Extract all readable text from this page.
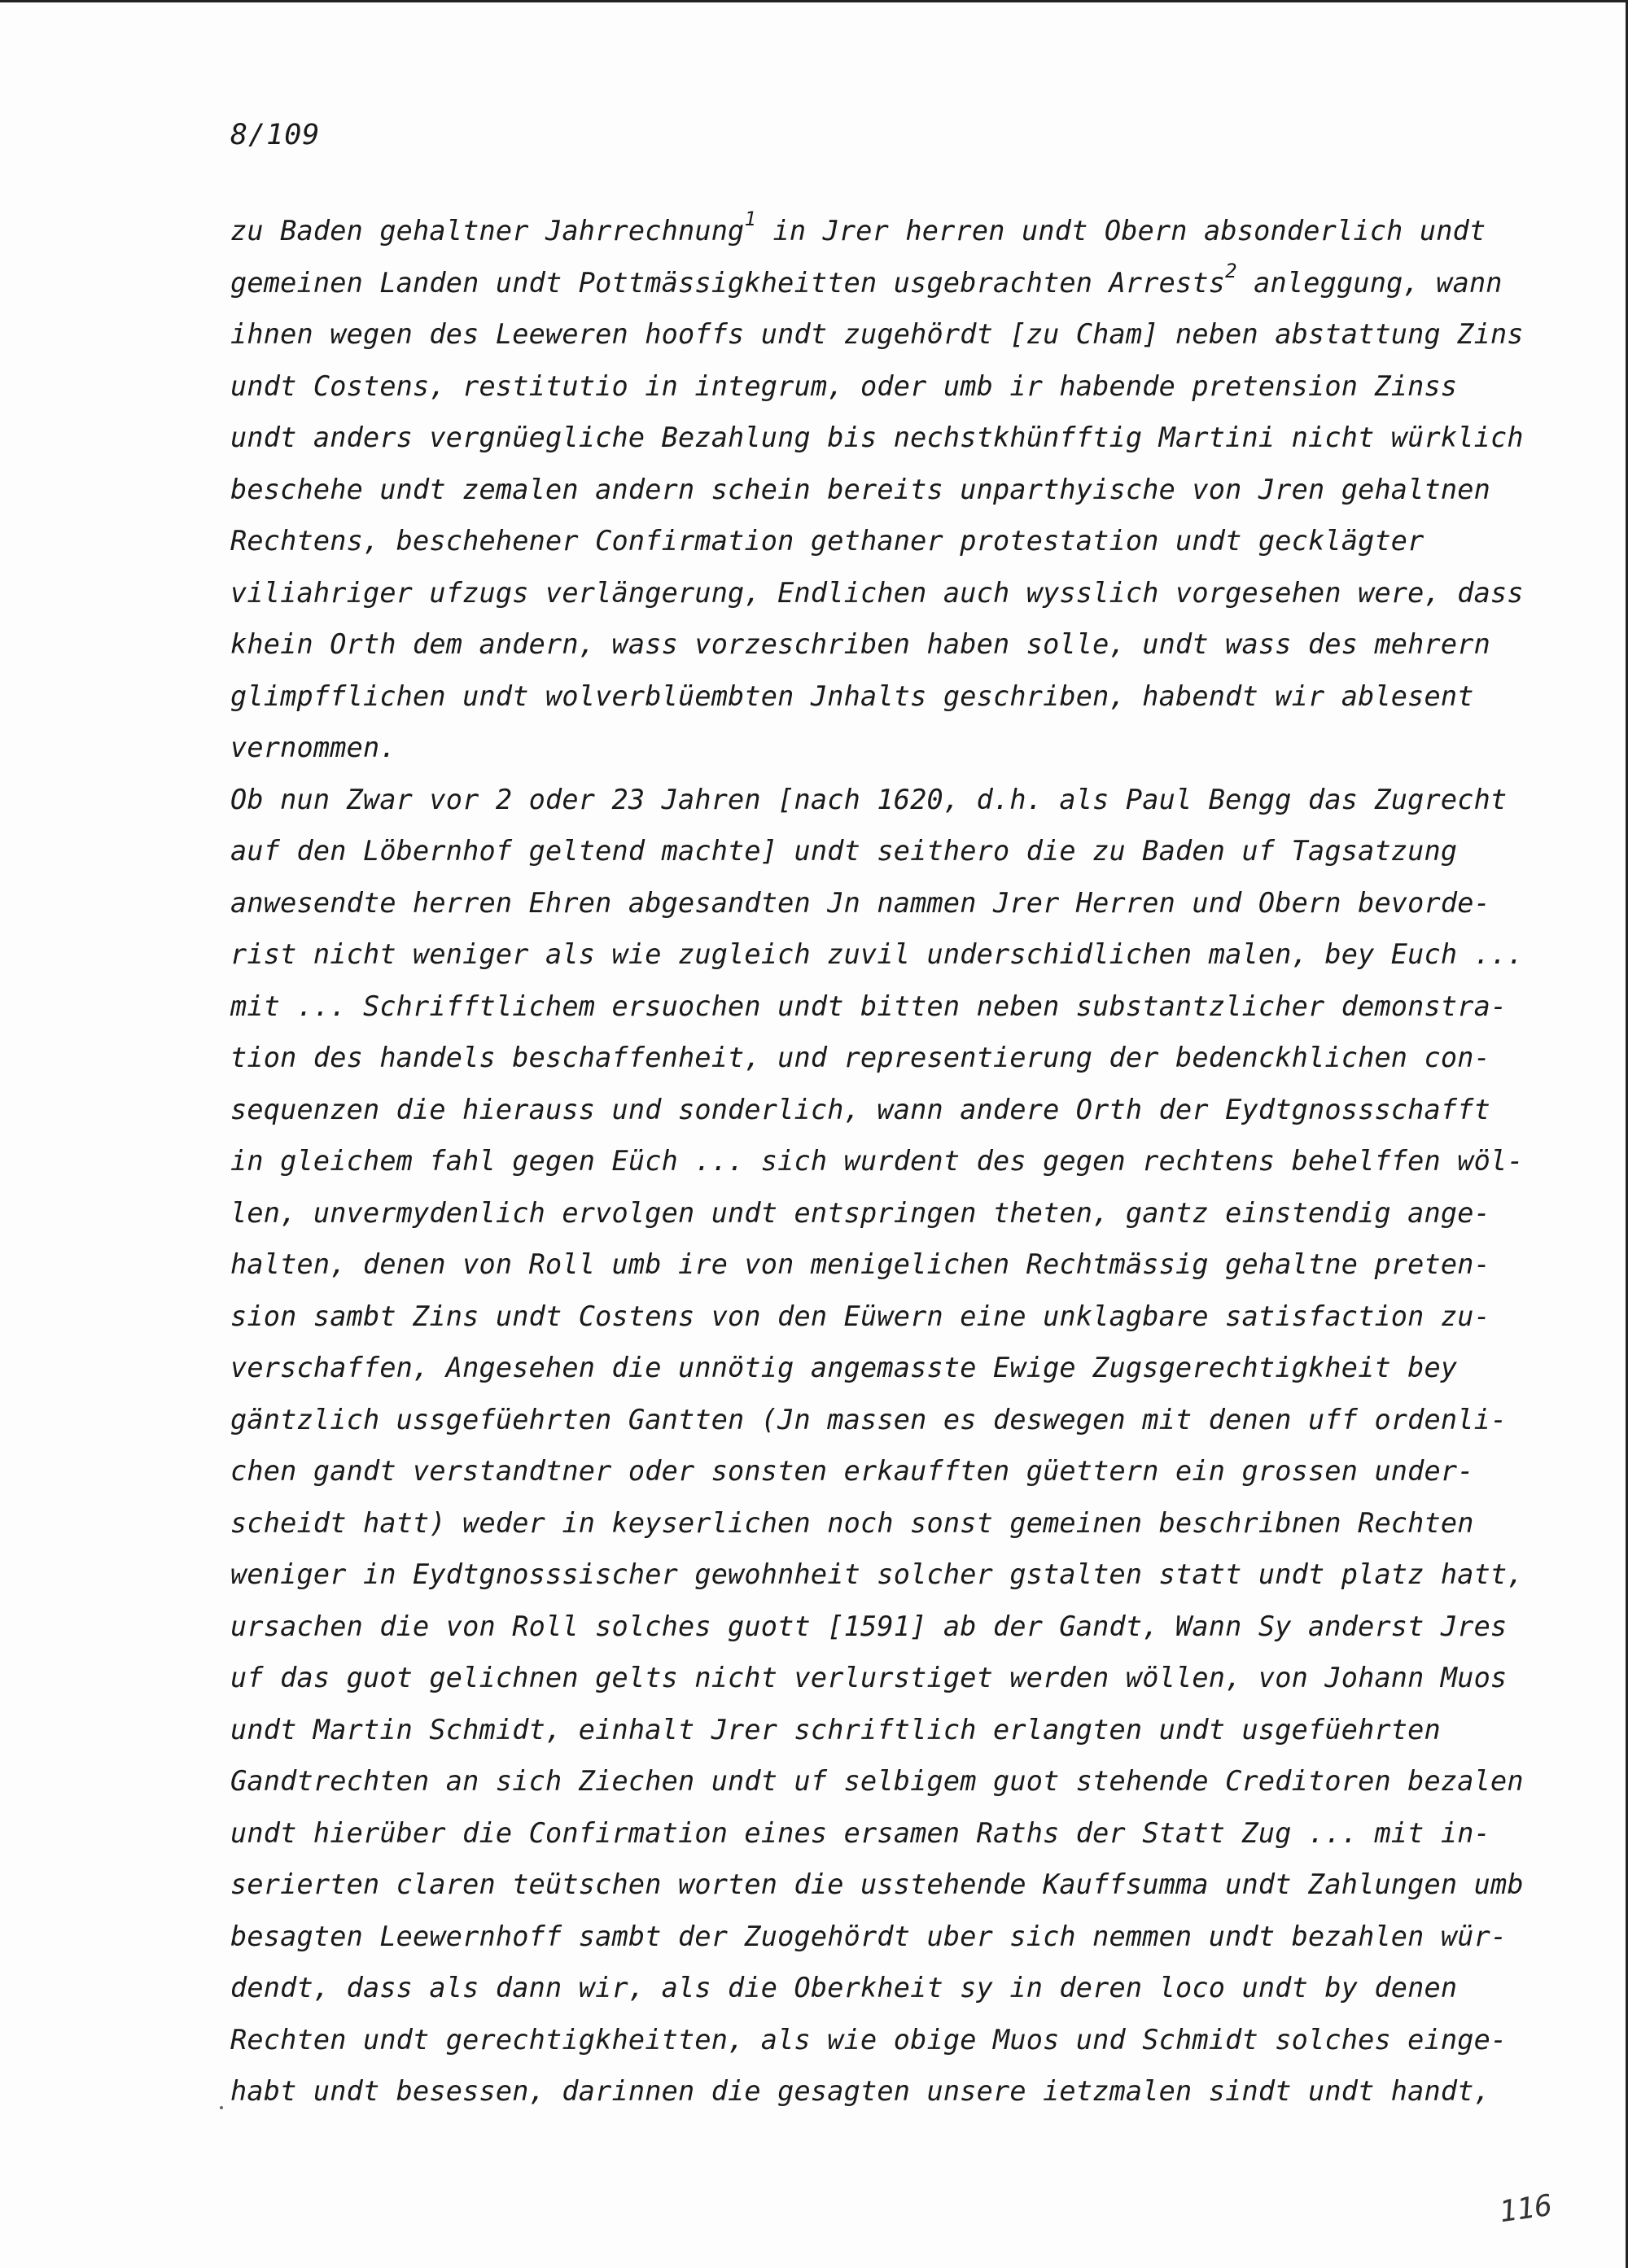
8/109
zu Baden gehaltner Jahrrechnung$^1$ in Jrer herren undt Obern absonderlich undt
gemeinen Landen undt Pottmässigkheitten usgebrachten Arrests$^2$ anleggung, wann
ihnen wegen des Leeweren hooffs undt zugehördt [zu Cham] neben abstattung Zins
undt Costens, restitutio in integrum, oder umb ir habende pretension Zinss
undt anders vergnüegliche Bezahlung bis nechstkhünfftig Martini nicht würklich
beschehe undt zemalen andern schein bereits unparthyische von Jren gehaltnen
Rechtens, beschehener Confirmation gethaner protestation undt gecklägter
viliahriger ufzugs verlängerung, Endlichen auch wysslich vorgesehen were, dass
khein Orth dem andern, wass vorzeschriben haben solle, undt wass des mehrern
glimpfflichen undt wolverblüembten Jnhalts geschriben, habendt wir ablesent
vernommen.
Ob nun Zwar vor 2 oder 23 Jahren [nach 1620, d.h. als Paul Bengg das Zugrecht
auf den Löbernhof geltend machte] undt seithero die zu Baden uf Tagsatzung
anwesendte herren Ehren abgesandten Jn nammen Jrer Herren und Obern bevorde-
rist nicht weniger als wie zugleich zuvil underschidlichen malen, bey Euch ...
mit ... Schrifftlichem ersuochen undt bitten neben substantzlicher demonstra-
tion des handels beschaffenheit, und representierung der bedenckhlichen con-
sequenzen die hierauss und sonderlich, wann andere Orth der Eydtgnossschafft
in gleichem fahl gegen Eüch ... sich wurdent des gegen rechtens behelffen wöl-
len, unvermydenlich ervolgen undt entspringen theten, gantz einstendig ange-
halten, denen von Roll umb ire von menigelichen Rechtmässig gehaltne preten-
sion sambt Zins undt Costens von den Eüwern eine unklagbare satisfaction zu-
verschaffen, Angesehen die unnötig angemasste Ewige Zugsgerechtigkheit bey
gäntzlich ussgefüehrten Gantten (Jn massen es deswegen mit denen uff ordenli-
chen gandt verstandtner oder sonsten erkaufften güettern ein grossen under-
scheidt hatt) weder in keyserlichen noch sonst gemeinen beschribnen Rechten
weniger in Eydtgnosssischer gewohnheit solcher gstalten statt undt platz hatt,
ursachen die von Roll solches guott [1591] ab der Gandt, Wann Sy anderst Jres
uf das guot gelichnen gelts nicht verlurstiget werden wöllen, von Johann Muos
undt Martin Schmidt, einhalt Jrer schriftlich erlangten undt usgefüehrten
Gandtrechten an sich Ziechen undt uf selbigem guot stehende Creditoren bezalen
undt hierüber die Confirmation eines ersamen Raths der Statt Zug ... mit in-
serierten claren teütschen worten die usstehende Kauffsumma undt Zahlungen umb
besagten Leewernhoff sambt der Zuogehördt uber sich nemmen undt bezahlen wür-
dendt, dass als dann wir, als die Oberkheit sy in deren loco undt by denen
Rechten undt gerechtigkheitten, als wie obige Muos und Schmidt solches einge-
habt undt besessen, darinnen die gesagten unsere ietzmalen sindt undt handt,
116
